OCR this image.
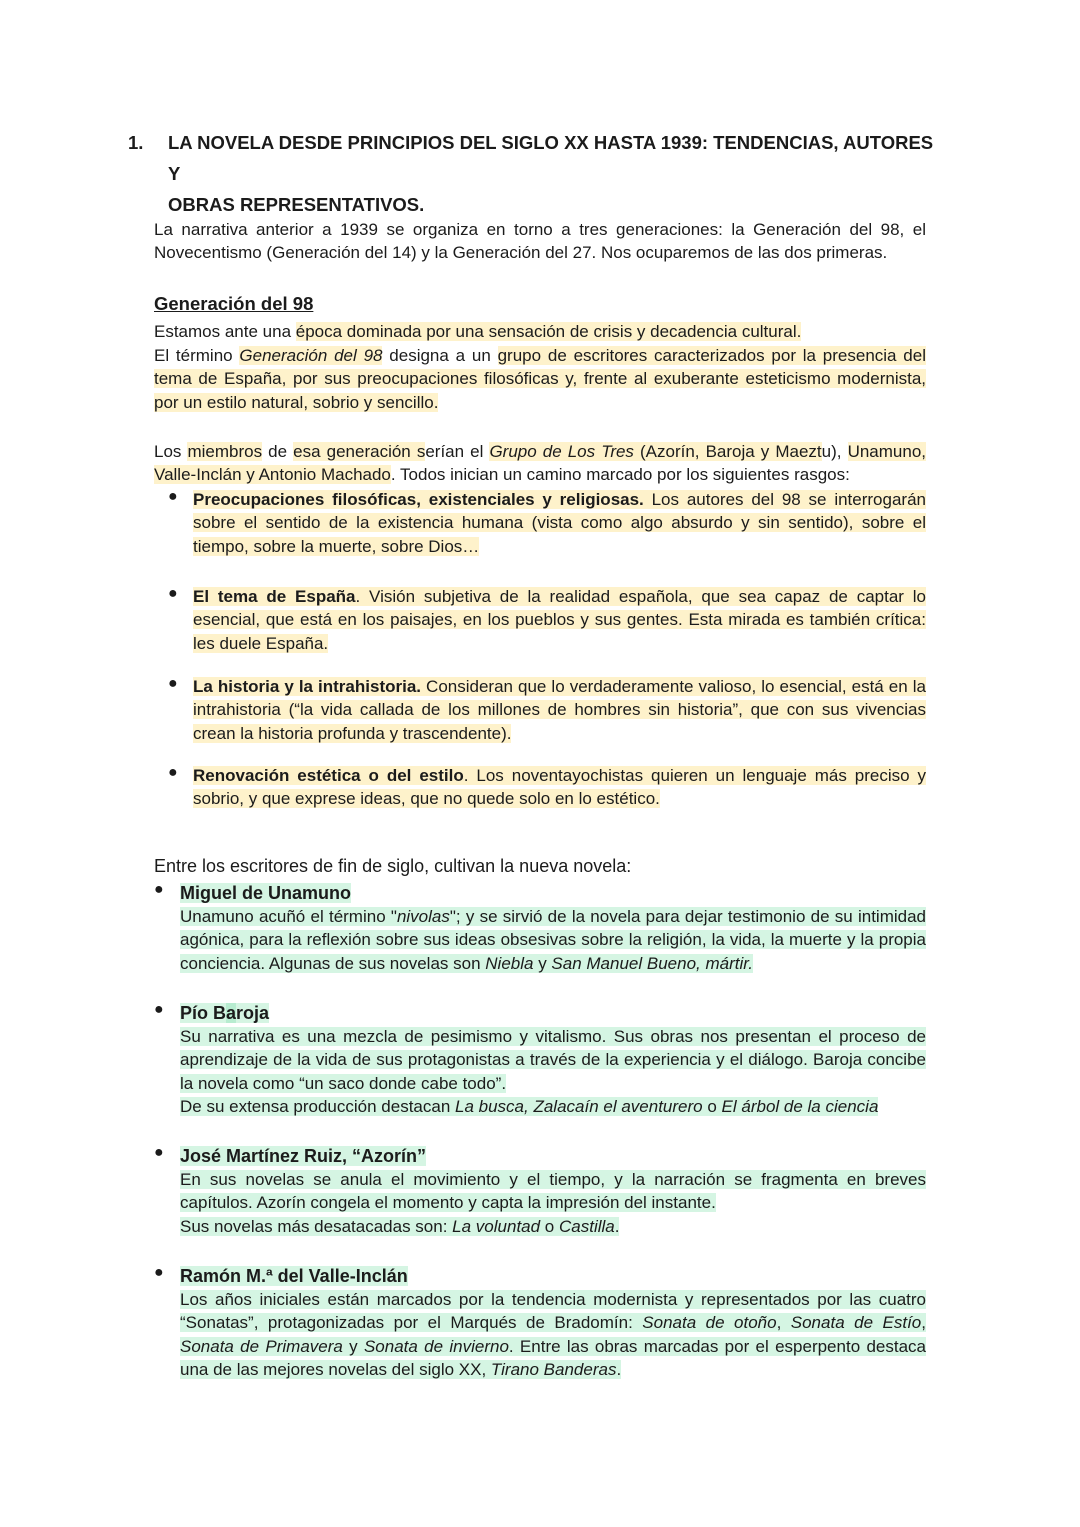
1. LA NOVELA DESDE PRINCIPIOS DEL SIGLO XX HASTA 1939: TENDENCIAS, AUTORES Y
OBRAS REPRESENTATIVOS.

La narrativa anterior a 1939 se organiza en torno a tres generaciones: la Generación del 98, el Novecentismo (Generación del 14) y la Generación del 27. Nos ocuparemos de las dos primeras.

Generación del 98

Estamos ante una época dominada por una sensación de crisis y decadencia cultural.

El término Generación del 98 designa a un grupo de escritores caracterizados por la presencia del tema de España, por sus preocupaciones filosóficas y, frente al exuberante esteticismo modernista, por un estilo natural, sobrio y sencillo.

Los miembros de esa generación serían el Grupo de Los Tres (Azorín, Baroja y Maeztu), Unamuno, Valle-Inclán y Antonio Machado. Todos inician un camino marcado por los siguientes rasgos:

● Preocupaciones filosóficas, existenciales y religiosas. Los autores del 98 se interrogarán sobre el sentido de la existencia humana (vista como algo absurdo y sin sentido), sobre el tiempo, sobre la muerte, sobre Dios…

● El tema de España. Visión subjetiva de la realidad española, que sea capaz de captar lo esencial, que está en los paisajes, en los pueblos y sus gentes. Esta mirada es también crítica: les duele España.

● La historia y la intrahistoria. Consideran que lo verdaderamente valioso, lo esencial, está en la intrahistoria (“la vida callada de los millones de hombres sin historia”, que con sus vivencias crean la historia profunda y trascendente).

● Renovación estética o del estilo. Los noventayochistas quieren un lenguaje más preciso y sobrio, y que exprese ideas, que no quede solo en lo estético.

Entre los escritores de fin de siglo, cultivan la nueva novela:

● Miguel de Unamuno

Unamuno acuñó el término "nivolas"; y se sirvió de la novela para dejar testimonio de su intimidad agónica, para la reflexión sobre sus ideas obsesivas sobre la religión, la vida, la muerte y la propia conciencia. Algunas de sus novelas son Niebla y San Manuel Bueno, mártir.

● Pío Baroja

Su narrativa es una mezcla de pesimismo y vitalismo. Sus obras nos presentan el proceso de aprendizaje de la vida de sus protagonistas a través de la experiencia y el diálogo. Baroja concibe la novela como “un saco donde cabe todo”.

De su extensa producción destacan La busca, Zalacaín el aventurero o El árbol de la ciencia

● José Martínez Ruiz, “Azorín”

En sus novelas se anula el movimiento y el tiempo, y la narración se fragmenta en breves capítulos. Azorín congela el momento y capta la impresión del instante.

Sus novelas más desatacadas son: La voluntad o Castilla.

● Ramón M.ª del Valle-Inclán

Los años iniciales están marcados por la tendencia modernista y representados por las cuatro “Sonatas”, protagonizadas por el Marqués de Bradomín: Sonata de otoño, Sonata de Estío, Sonata de Primavera y Sonata de invierno. Entre las obras marcadas por el esperpento destaca una de las mejores novelas del siglo XX, Tirano Banderas.
